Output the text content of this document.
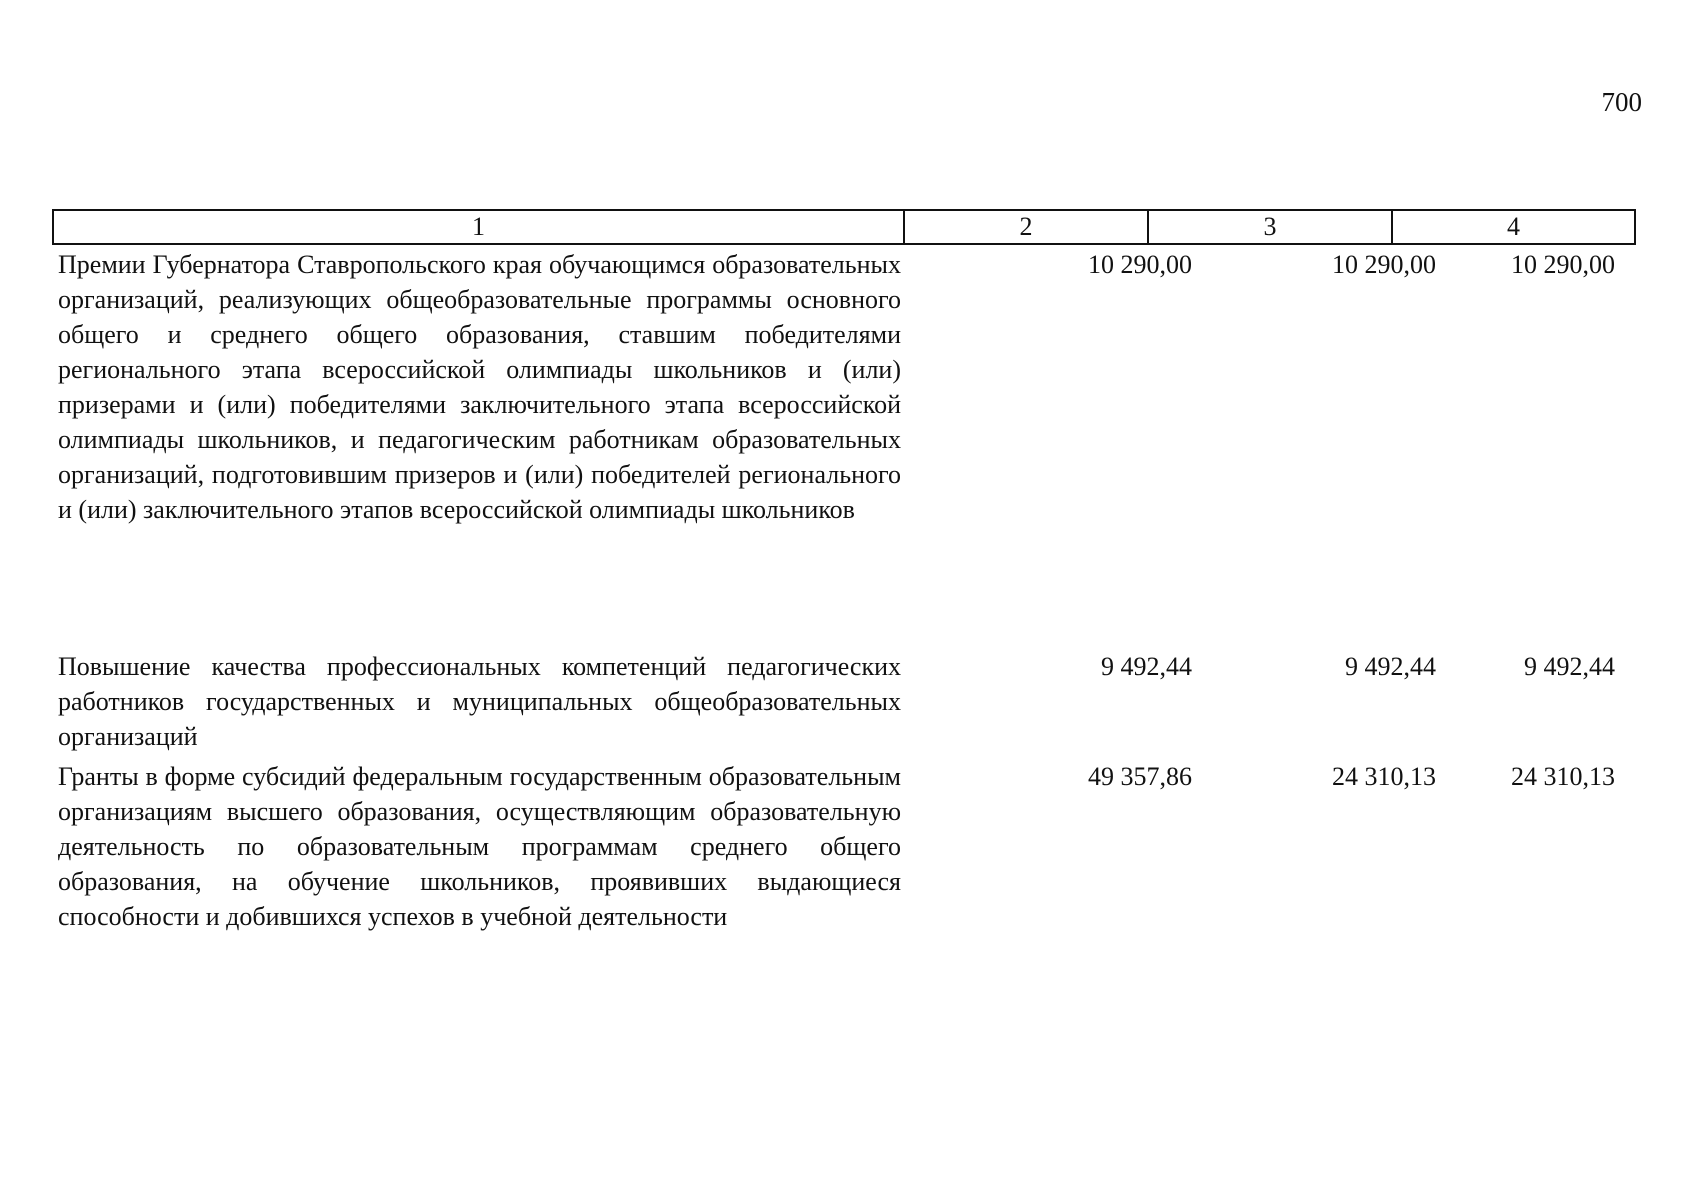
700
1	2	3	4
Премии Губернатора Ставропольского края обучающимся образовательных организаций, реализующих общеобразовательные программы основного общего и среднего общего образования, ставшим победителями регионального этапа всероссийской олимпиады школьников и (или) призерами и (или) победителями заключительного этапа всероссийской олимпиады школьников, и педагогическим работникам образовательных организаций, подготовившим призеров и (или) победителей регионального и (или) заключительного этапов всероссийской олимпиады школьников
10 290,00	10 290,00	10 290,00
Повышение качества профессиональных компетенций педагогических работников государственных и муниципальных общеобразовательных организаций
9 492,44	9 492,44	9 492,44
Гранты в форме субсидий федеральным государственным образовательным организациям высшего образования, осуществляющим образовательную деятельность по образовательным программам среднего общего образования, на обучение школьников, проявивших выдающиеся способности и добившихся успехов в учебной деятельности
49 357,86	24 310,13	24 310,13
